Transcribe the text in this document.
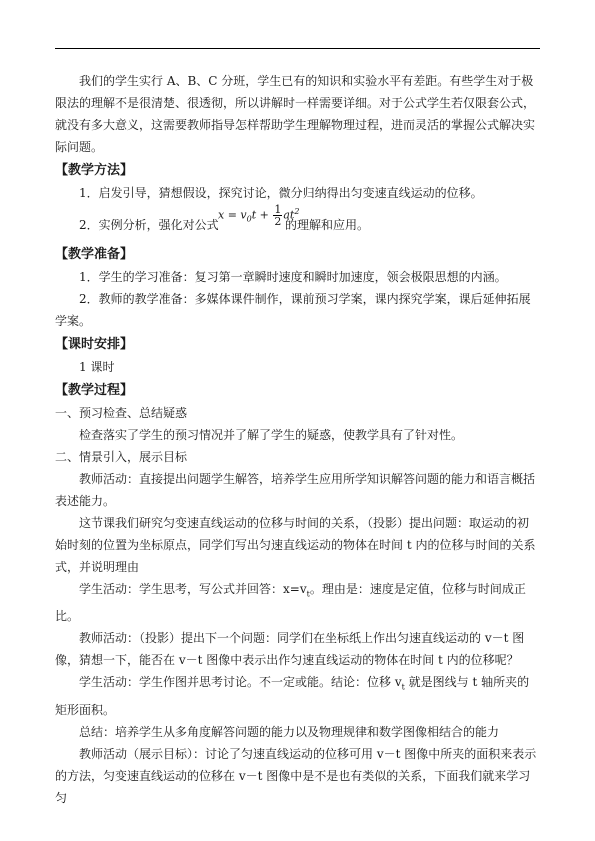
我们的学生实行 A、B、C 分班，学生已有的知识和实验水平有差距。有些学生对于极限法的理解不是很清楚、很透彻，所以讲解时一样需要详细。对于公式学生若仅限套公式，就没有多大意义，这需要教师指导怎样帮助学生理解物理过程，进而灵活的掌握公式解决实际问题。

【教学方法】

1．启发引导，猜想假设，探究讨论，微分归纳得出匀变速直线运动的位移。

2．实例分析，强化对公式
$x = v_0t + \frac{1}{2} at^2$
的理解和应用。

【教学准备】

1．学生的学习准备：复习第一章瞬时速度和瞬时加速度，领会极限思想的内涵。

2．教师的教学准备：多媒体课件制作，课前预习学案，课内探究学案，课后延伸拓展学案。

【课时安排】

1 课时

【教学过程】

一、预习检查、总结疑惑

检查落实了学生的预习情况并了解了学生的疑惑，使教学具有了针对性。

二、情景引入，展示目标

教师活动：直接提出问题学生解答，培养学生应用所学知识解答问题的能力和语言概括表述能力。

这节课我们研究匀变速直线运动的位移与时间的关系，（投影）提出问题：取运动的初始时刻的位置为坐标原点，同学们写出匀速直线运动的物体在时间 t 内的位移与时间的关系式，并说明理由

学生活动：学生思考，写公式并回答：$x=v_t$。理由是：速度是定值，位移与时间成正比。

教师活动：（投影）提出下一个问题：同学们在坐标纸上作出匀速直线运动的 v－t 图像，猜想一下，能否在 v－t 图像中表示出作匀速直线运动的物体在时间 t 内的位移呢？

学生活动：学生作图并思考讨论。不一定或能。结论：位移 $v_t$ 就是图线与 t 轴所夹的矩形面积。

总结：培养学生从多角度解答问题的能力以及物理规律和数学图像相结合的能力

教师活动（展示目标）：讨论了匀速直线运动的位移可用 v－t 图像中所夹的面积来表示的方法，匀变速直线运动的位移在 v－t 图像中是不是也有类似的关系，下面我们就来学习匀
